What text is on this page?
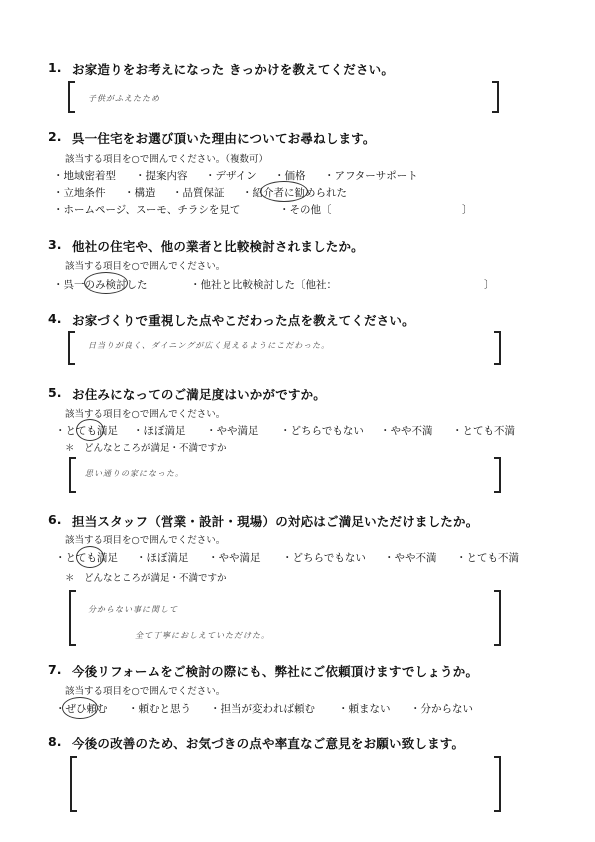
1. お家造りをお考えになった きっかけを教えてください。
子供がふえたため
2. 呉一住宅をお選び頂いた理由についてお尋ねします。
該当する項目を○で囲んでください。（複数可）
・地域密着型 ・提案内容 ・デザイン ・価格 ・アフターサポート
・立地条件 ・構造 ・品質保証 ・紹介者に勧められた
・ホームページ、スーモ、チラシを見て	・その他〔	〕
3. 他社の住宅や、他の業者と比較検討されましたか。
該当する項目を○で囲んでください。
・呉一のみ検討した	・他社と比較検討した〔他社：	〕
4. お家づくりで重視した点やこだわった点を教えてください。
日当りが良く、ダイニングが広く見えるようにこだわった。
5. お住みになってのご満足度はいかがですか。
該当する項目を○で囲んでください。
・とても満足 ・ほぼ満足 ・やや満足 ・どちらでもない ・やや不満 ・とても不満
＊　どんなところが満足・不満ですか
思い通りの家になった。
6. 担当スタッフ（営業・設計・現場）の対応はご満足いただけましたか。
該当する項目を○で囲んでください。
・とても満足 ・ほぼ満足 ・やや満足 ・どちらでもない ・やや不満 ・とても不満
＊　どんなところが満足・不満ですか
分からない事に関して
全て丁寧におしえていただけた。
7. 今後リフォームをご検討の際にも、弊社にご依頼頂けますでしょうか。
該当する項目を○で囲んでください。
・ぜひ頼む ・頼むと思う ・担当が変われば頼む ・頼まない ・分からない
8. 今後の改善のため、お気づきの点や率直なご意見をお願い致します。
